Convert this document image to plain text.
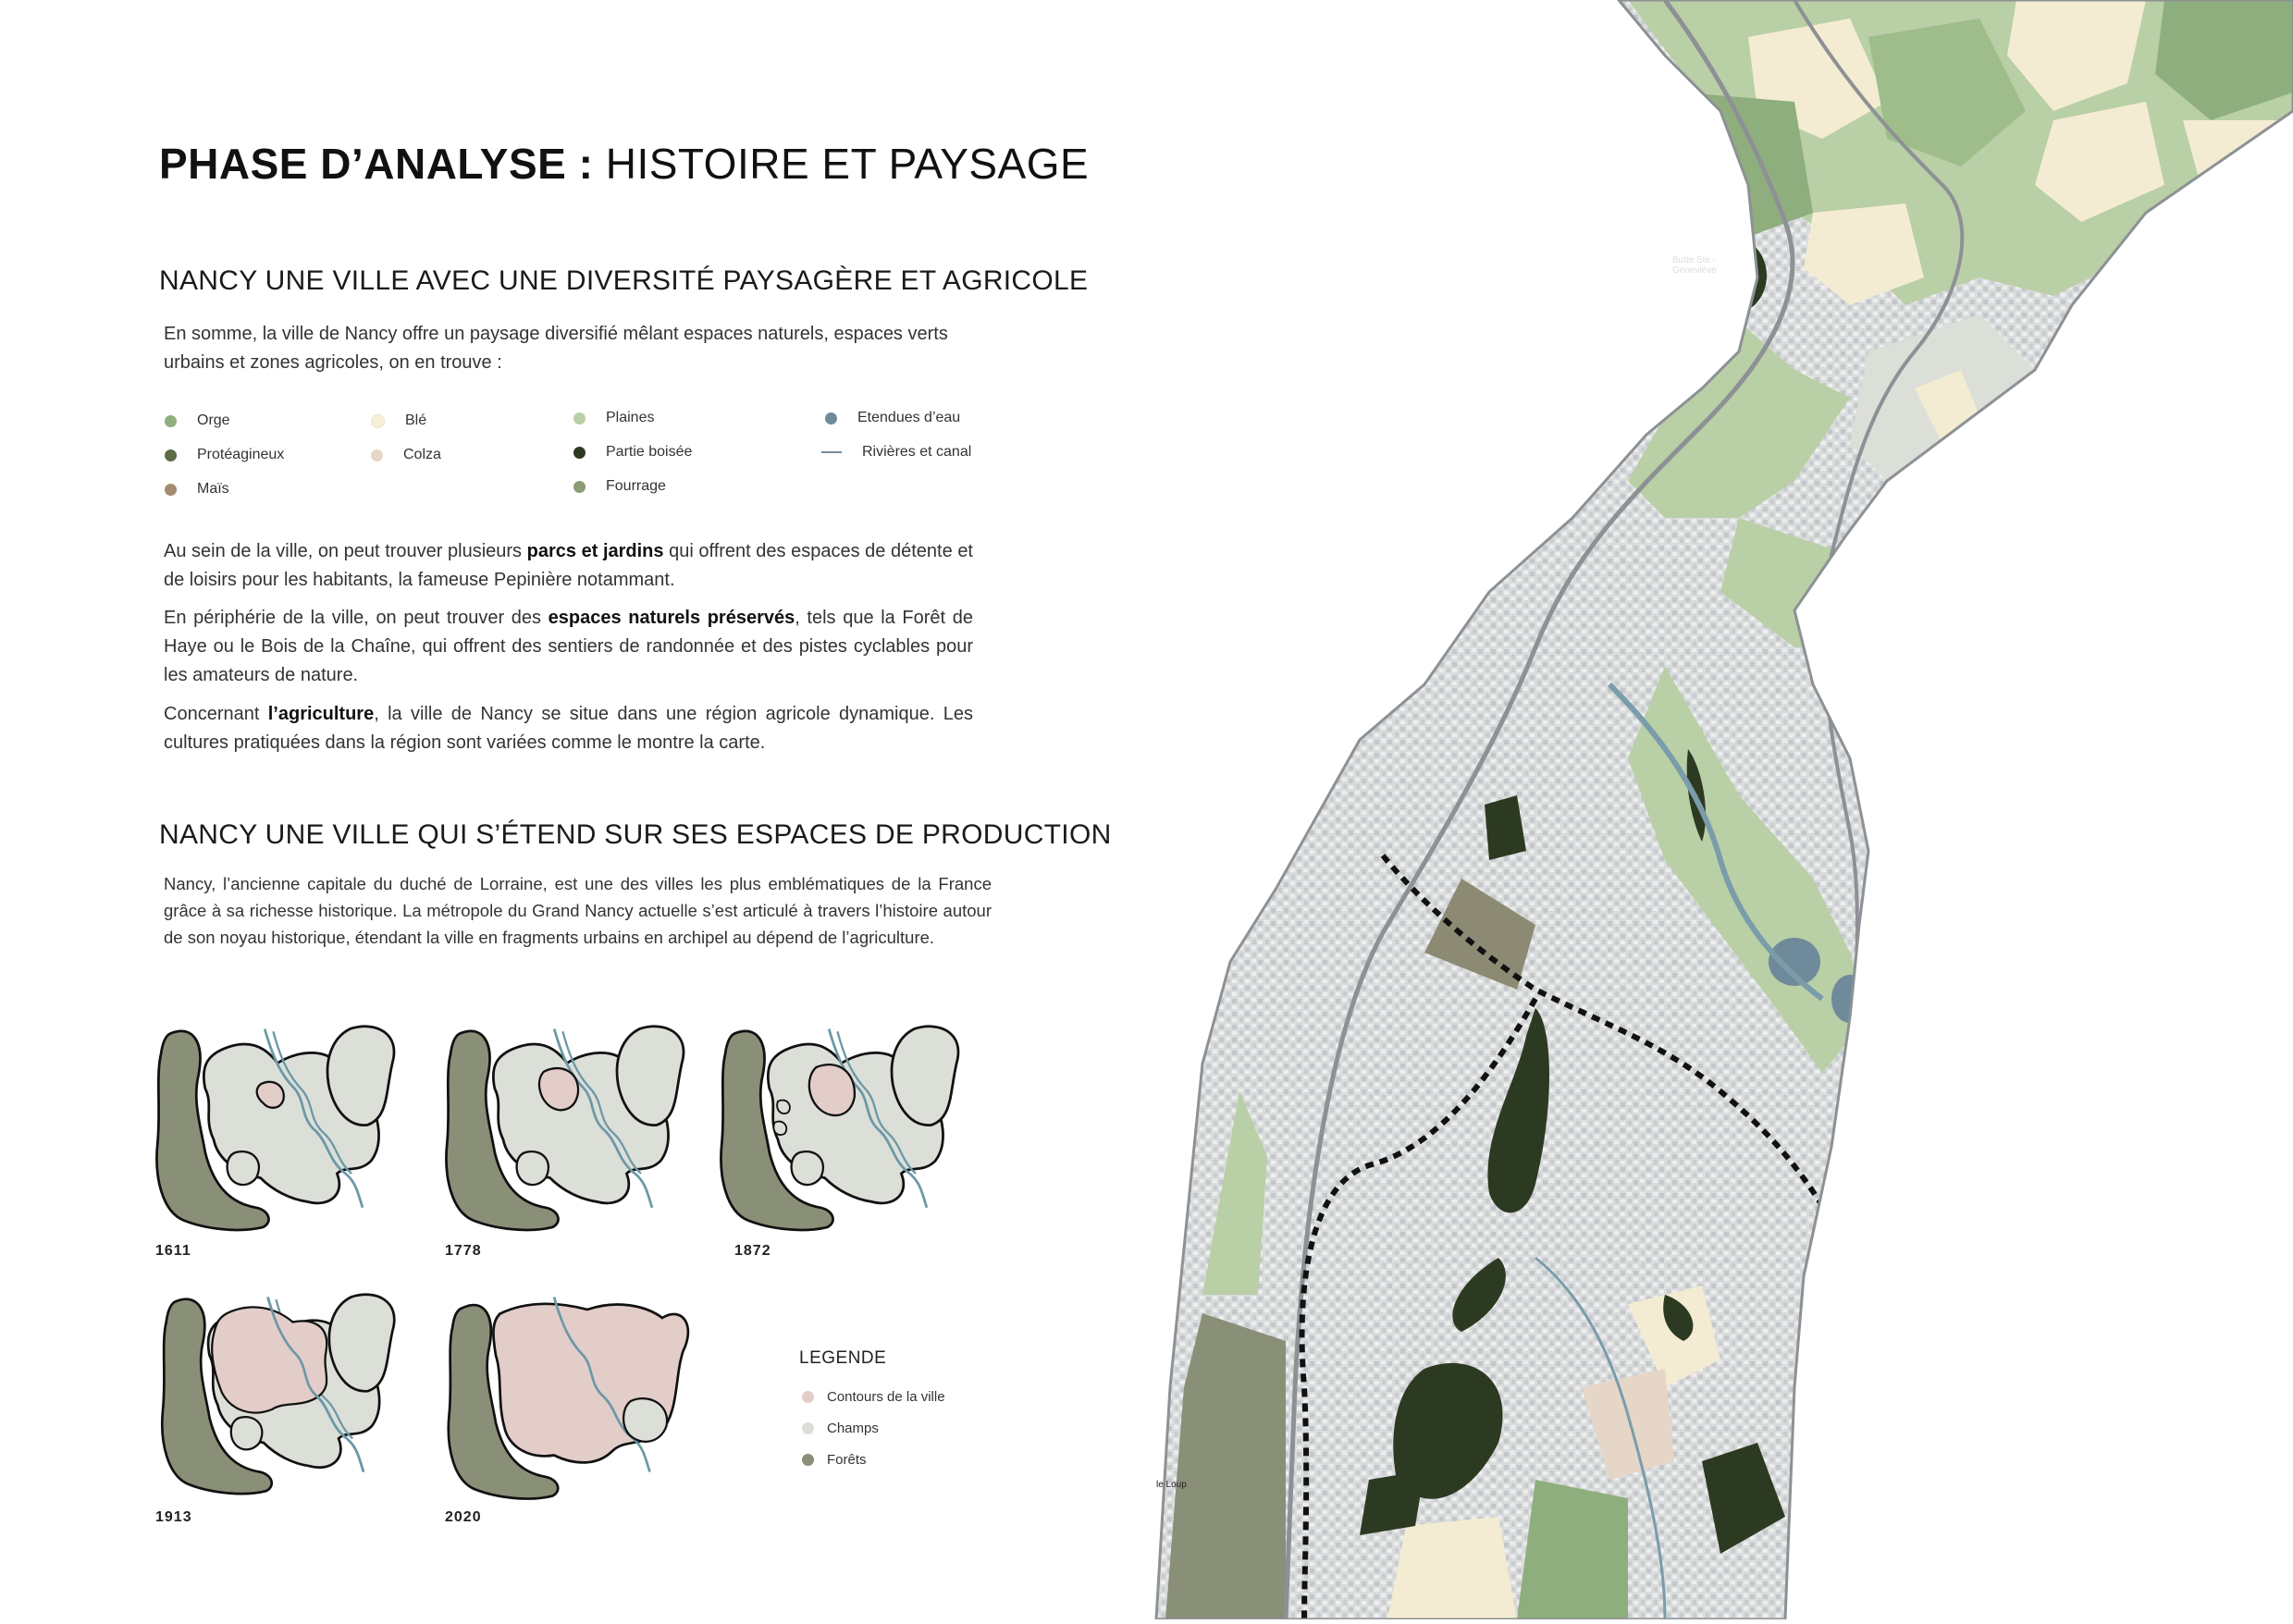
PHASE D’ANALYSE : HISTOIRE ET PAYSAGE
NANCY UNE VILLE AVEC UNE DIVERSITÉ PAYSAGÈRE ET AGRICOLE
En somme, la ville de Nancy offre un paysage diversifié mêlant espaces naturels, espaces verts urbains et zones agricoles, on en trouve :
Orge
Protéagineux
Maïs
Blé
Colza
Plaines
Partie boisée
Fourrage
Etendues d’eau
Rivières et canal
Au sein de la ville, on peut trouver plusieurs parcs et jardins qui offrent des espaces de détente et de loisirs pour les habitants, la fameuse Pepinière notammant.
En périphérie de la ville, on peut trouver des espaces naturels préservés, tels que la Forêt de Haye ou le Bois de la Chaîne, qui offrent des sentiers de randonnée et des pistes cyclables pour les amateurs de nature.
Concernant l’agriculture, la ville de Nancy se situe dans une région agricole dynamique. Les cultures pratiquées dans la région sont variées comme le montre la carte.
NANCY UNE VILLE QUI S’ÉTEND SUR SES ESPACES DE PRODUCTION
Nancy, l’ancienne capitale du duché de Lorraine, est une des villes les plus emblématiques de la France grâce à sa richesse historique. La métropole du Grand Nancy actuelle s’est articulé à travers l’histoire autour de son noyau historique, étendant la ville en fragments urbains en archipel au dépend de l’agriculture.
1611	1778	1872
1913	2020
LEGENDE
Contours de la ville
Champs
Forêts
Butte Ste - Geneviève
le Loup
